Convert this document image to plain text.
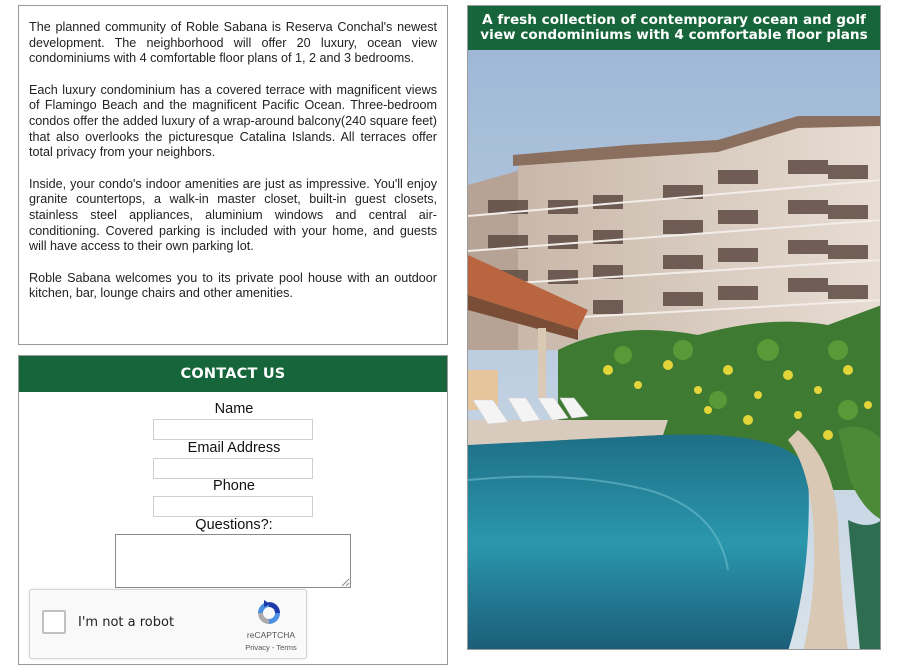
The planned community of Roble Sabana is Reserva Conchal's newest development. The neighborhood will offer 20 luxury, ocean view condominiums with 4 comfortable floor plans of 1, 2 and 3 bedrooms.

Each luxury condominium has a covered terrace with magnificent views of Flamingo Beach and the magnificent Pacific Ocean. Three-bedroom condos offer the added luxury of a wrap-around balcony(240 square feet) that also overlooks the picturesque Catalina Islands. All terraces offer total privacy from your neighbors.

Inside, your condo's indoor amenities are just as impressive. You'll enjoy granite countertops, a walk-in master closet, built-in guest closets, stainless steel appliances, aluminium windows and central air-conditioning. Covered parking is included with your home, and guests will have access to their own parking lot.

Roble Sabana welcomes you to its private pool house with an outdoor kitchen, bar, lounge chairs and other amenities.

CONTACT US
Name
Email Address
Phone
Questions?:
I'm not a robot
reCAPTCHA
Privacy - Terms
A fresh collection of contemporary ocean and golf view condominiums with 4 comfortable floor plans
